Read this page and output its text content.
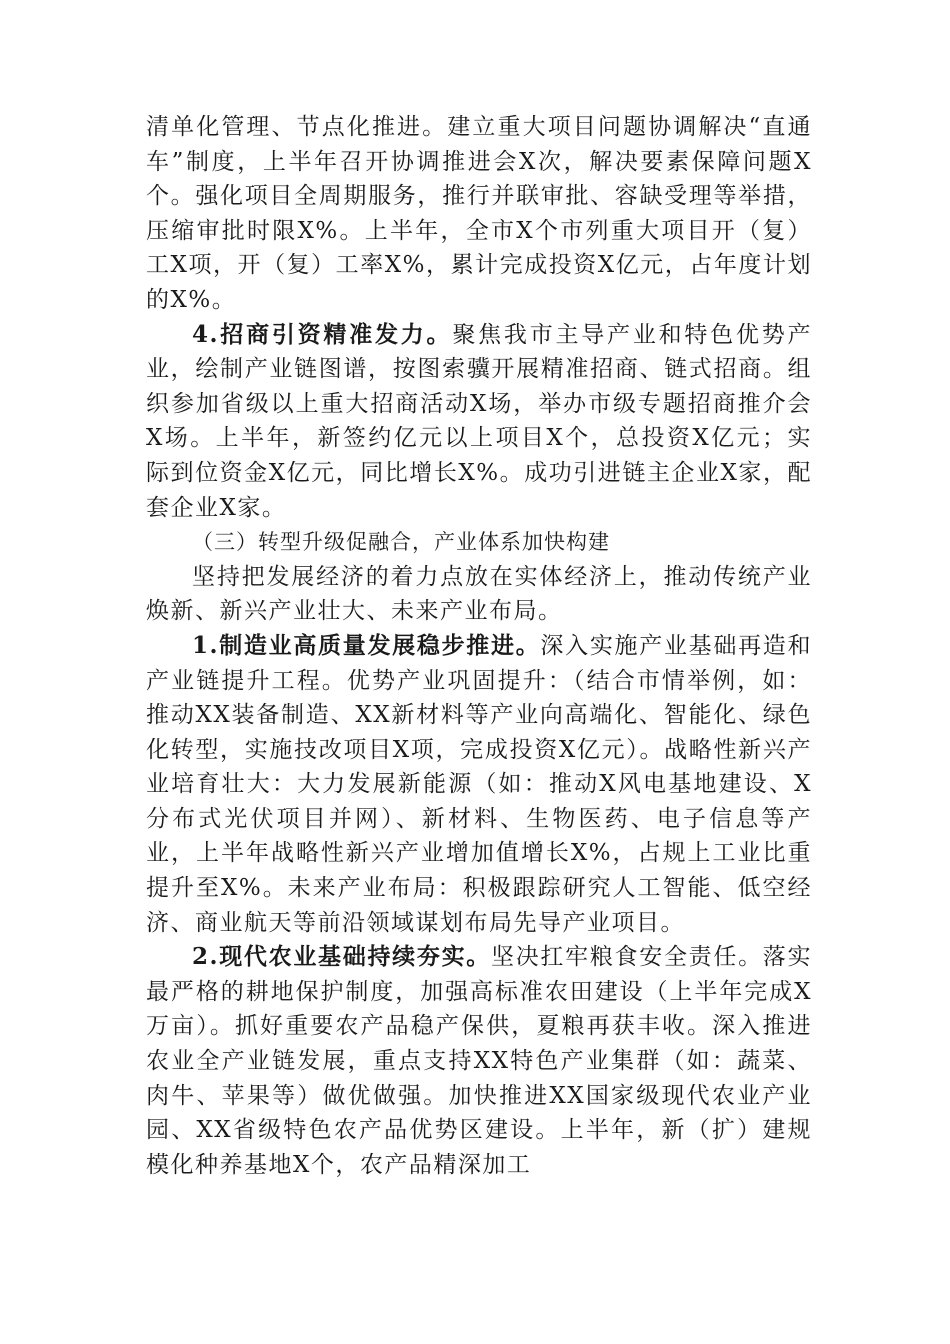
清单化管理、节点化推进。建立重大项目问题协调解决“直通车”制度，上半年召开协调推进会X次，解决要素保障问题X个。强化项目全周期服务，推行并联审批、容缺受理等举措，压缩审批时限X%。上半年，全市X个市列重大项目开（复）工X项，开（复）工率X%，累计完成投资X亿元，占年度计划的X%。

4.招商引资精准发力。聚焦我市主导产业和特色优势产业，绘制产业链图谱，按图索骥开展精准招商、链式招商。组织参加省级以上重大招商活动X场，举办市级专题招商推介会X场。上半年，新签约亿元以上项目X个，总投资X亿元；实际到位资金X亿元，同比增长X%。成功引进链主企业X家，配套企业X家。

（三）转型升级促融合，产业体系加快构建

坚持把发展经济的着力点放在实体经济上，推动传统产业焕新、新兴产业壮大、未来产业布局。

1.制造业高质量发展稳步推进。深入实施产业基础再造和产业链提升工程。优势产业巩固提升：（结合市情举例，如：推动XX装备制造、XX新材料等产业向高端化、智能化、绿色化转型，实施技改项目X项，完成投资X亿元）。战略性新兴产业培育壮大：大力发展新能源（如：推动X风电基地建设、X分布式光伏项目并网）、新材料、生物医药、电子信息等产业，上半年战略性新兴产业增加值增长X%，占规上工业比重提升至X%。未来产业布局：积极跟踪研究人工智能、低空经济、商业航天等前沿领域谋划布局先导产业项目。

2.现代农业基础持续夯实。坚决扛牢粮食安全责任。落实最严格的耕地保护制度，加强高标准农田建设（上半年完成X万亩）。抓好重要农产品稳产保供，夏粮再获丰收。深入推进农业全产业链发展，重点支持XX特色产业集群（如：蔬菜、肉牛、苹果等）做优做强。加快推进XX国家级现代农业产业园、XX省级特色农产品优势区建设。上半年，新（扩）建规模化种养基地X个，农产品精深加工
